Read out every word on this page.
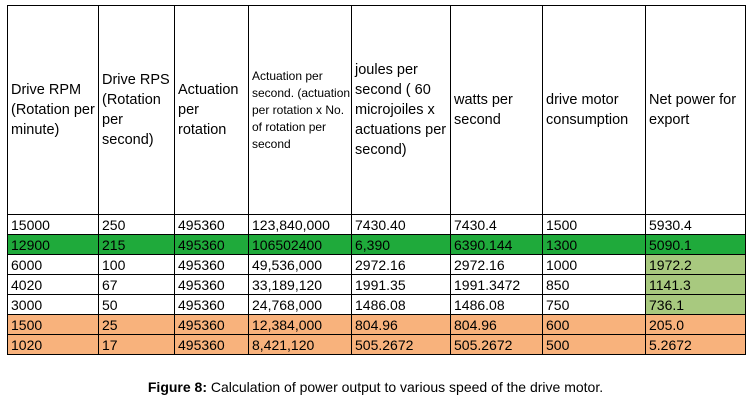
Drive RPM (Rotation per minute)	Drive RPS (Rotation per second)	Actuation per rotation	Actuation per second. (actuation per rotation x No. of rotation per second	joules per second ( 60 microjoiles x actuations per second)	watts per second	drive motor consumption	Net power for export
15000	250	495360	123,840,000	7430.40	7430.4	1500	5930.4
12900	215	495360	106502400	6,390	6390.144	1300	5090.1
6000	100	495360	49,536,000	2972.16	2972.16	1000	1972.2
4020	67	495360	33,189,120	1991.35	1991.3472	850	1141.3
3000	50	495360	24,768,000	1486.08	1486.08	750	736.1
1500	25	495360	12,384,000	804.96	804.96	600	205.0
1020	17	495360	8,421,120	505.2672	505.2672	500	5.2672
Figure 8: Calculation of power output to various speed of the drive motor.
